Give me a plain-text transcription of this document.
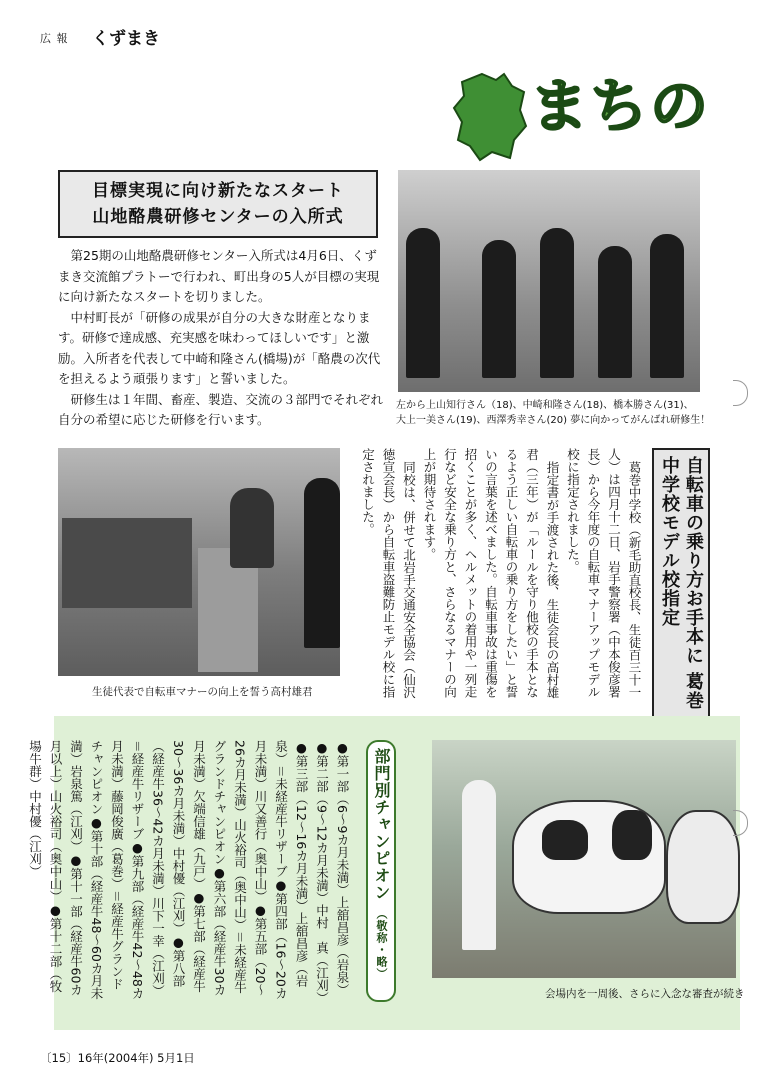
広 報 くずまき
まちの
目標実現に向け新たなスタート
山地酪農研修センターの入所式

第25期の山地酪農研修センター入所式は4月6日、くずまき交流館プラトーで行われ、町出身の5人が目標の実現に向け新たなスタートを切りました。

中村町長が「研修の成果が自分の大きな財産となります。研修で達成感、充実感を味わってほしいです」と激励。入所者を代表して中崎和隆さん(橋場)が「酪農の次代を担えるよう頑張ります」と誓いました。

研修生は１年間、畜産、製造、交流の３部門でそれぞれ自分の希望に応じた研修を行います。

左から上山知行さん（18)、中崎和隆さん(18)、橋本勝さん(31)、
大上一美さん(19)、西澤秀幸さん(20) 夢に向かってがんばれ研修生！
生徒代表で自転車マナーの向上を誓う高村雄君	自転車の乗り方お手本に 葛巻中学校モデル校指定

葛巻中学校（新毛助直校長、生徒百三十一人）は四月十二日、岩手警察署（中本俊彦署長）から今年度の自転車マナーアップモデル校に指定されました。

指定書が手渡された後、生徒会長の高村雄君（三年）が「ルールを守り他校の手本となるよう正しい自転車の乗り方をしたい」と誓いの言葉を述べました。自転車事故は重傷を招くことが多く、ヘルメットの着用や一列走行など安全な乗り方と、さらなるマナーの向上が期待されます。

同校は、併せて北岩手交通安全協会（仙沢徳宣会長）から自転車盗難防止モデル校に指定されました。

部門別チャンピオン （敬称・略）
●第一部（6～9カ月未満）上舘昌彦（岩泉）●第二部（9～12カ月未満）中村　真（江刈）●第三部（12～16カ月未満）上舘昌彦（岩泉）＝未経産牛リザーブ●第四部（16～20カ月未満）川又善行（奥中山）●第五部（20～26カ月未満）山火裕司（奥中山）＝未経産牛グランドチャンピオン●第六部（経産牛30カ月未満）欠端信雄（九戸）●第七部（経産牛30～36カ月未満）中村優（江刈）●第八部（経産牛36～42カ月未満）川下一幸（江刈）＝経産牛リザーブ●第九部（経産牛42～48カ月未満）藤岡俊廣（葛巻）＝経産牛グランドチャンピオン●第十部（経産牛48～60カ月未満）岩泉篤（江刈）●第十一部（経産牛60カ月以上）山火裕司（奥中山）●第十二部（牧場牛群）中村優（江刈）
会場内を一周後、さらに入念な審査が続き
〔15〕16年(2004年) 5月1日
